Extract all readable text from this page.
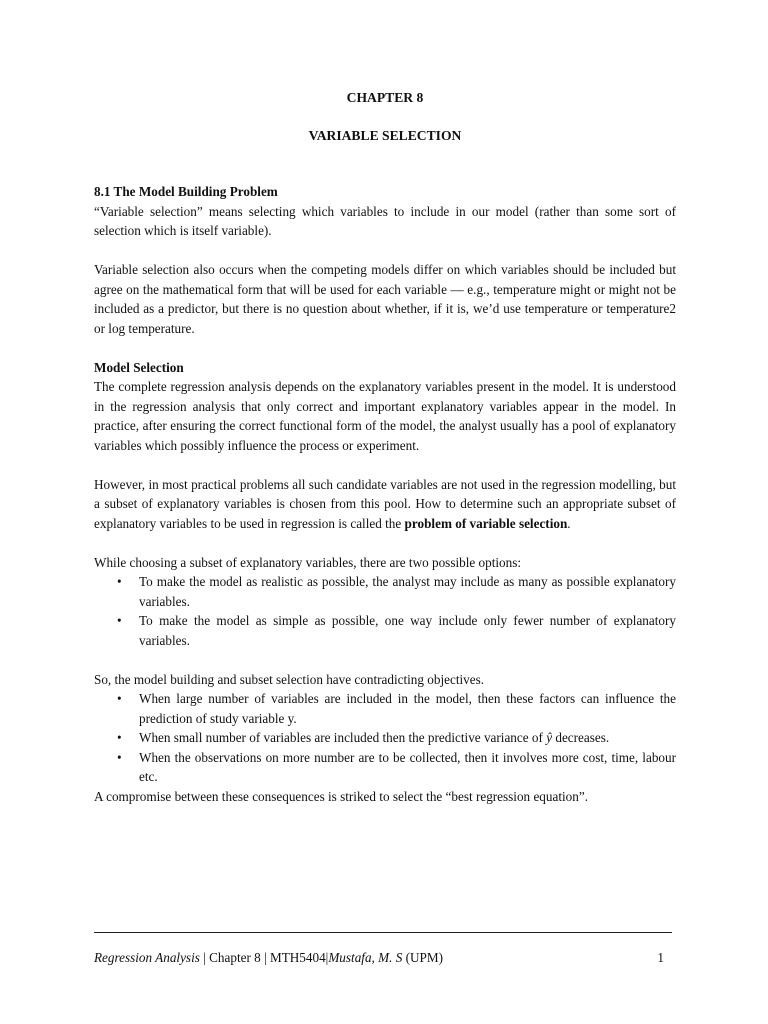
CHAPTER 8
VARIABLE SELECTION

8.1 The Model Building Problem

“Variable selection” means selecting which variables to include in our model (rather than some sort of selection which is itself variable).

Variable selection also occurs when the competing models differ on which variables should be included but agree on the mathematical form that will be used for each variable — e.g., temperature might or might not be included as a predictor, but there is no question about whether, if it is, we’d use temperature or temperature2 or log temperature.

Model Selection

The complete regression analysis depends on the explanatory variables present in the model. It is understood in the regression analysis that only correct and important explanatory variables appear in the model. In practice, after ensuring the correct functional form of the model, the analyst usually has a pool of explanatory variables which possibly influence the process or experiment.

However, in most practical problems all such candidate variables are not used in the regression modelling, but a subset of explanatory variables is chosen from this pool. How to determine such an appropriate subset of explanatory variables to be used in regression is called the problem of variable selection.

While choosing a subset of explanatory variables, there are two possible options:

• To make the model as realistic as possible, the analyst may include as many as possible explanatory variables.
• To make the model as simple as possible, one way include only fewer number of explanatory variables.

So, the model building and subset selection have contradicting objectives.

• When large number of variables are included in the model, then these factors can influence the prediction of study variable y.
• When small number of variables are included then the predictive variance of ŷ decreases.
• When the observations on more number are to be collected, then it involves more cost, time, labour etc.

A compromise between these consequences is striked to select the “best regression equation”.

Regression Analysis | Chapter 8 | MTH5404|Mustafa, M. S (UPM)	1
